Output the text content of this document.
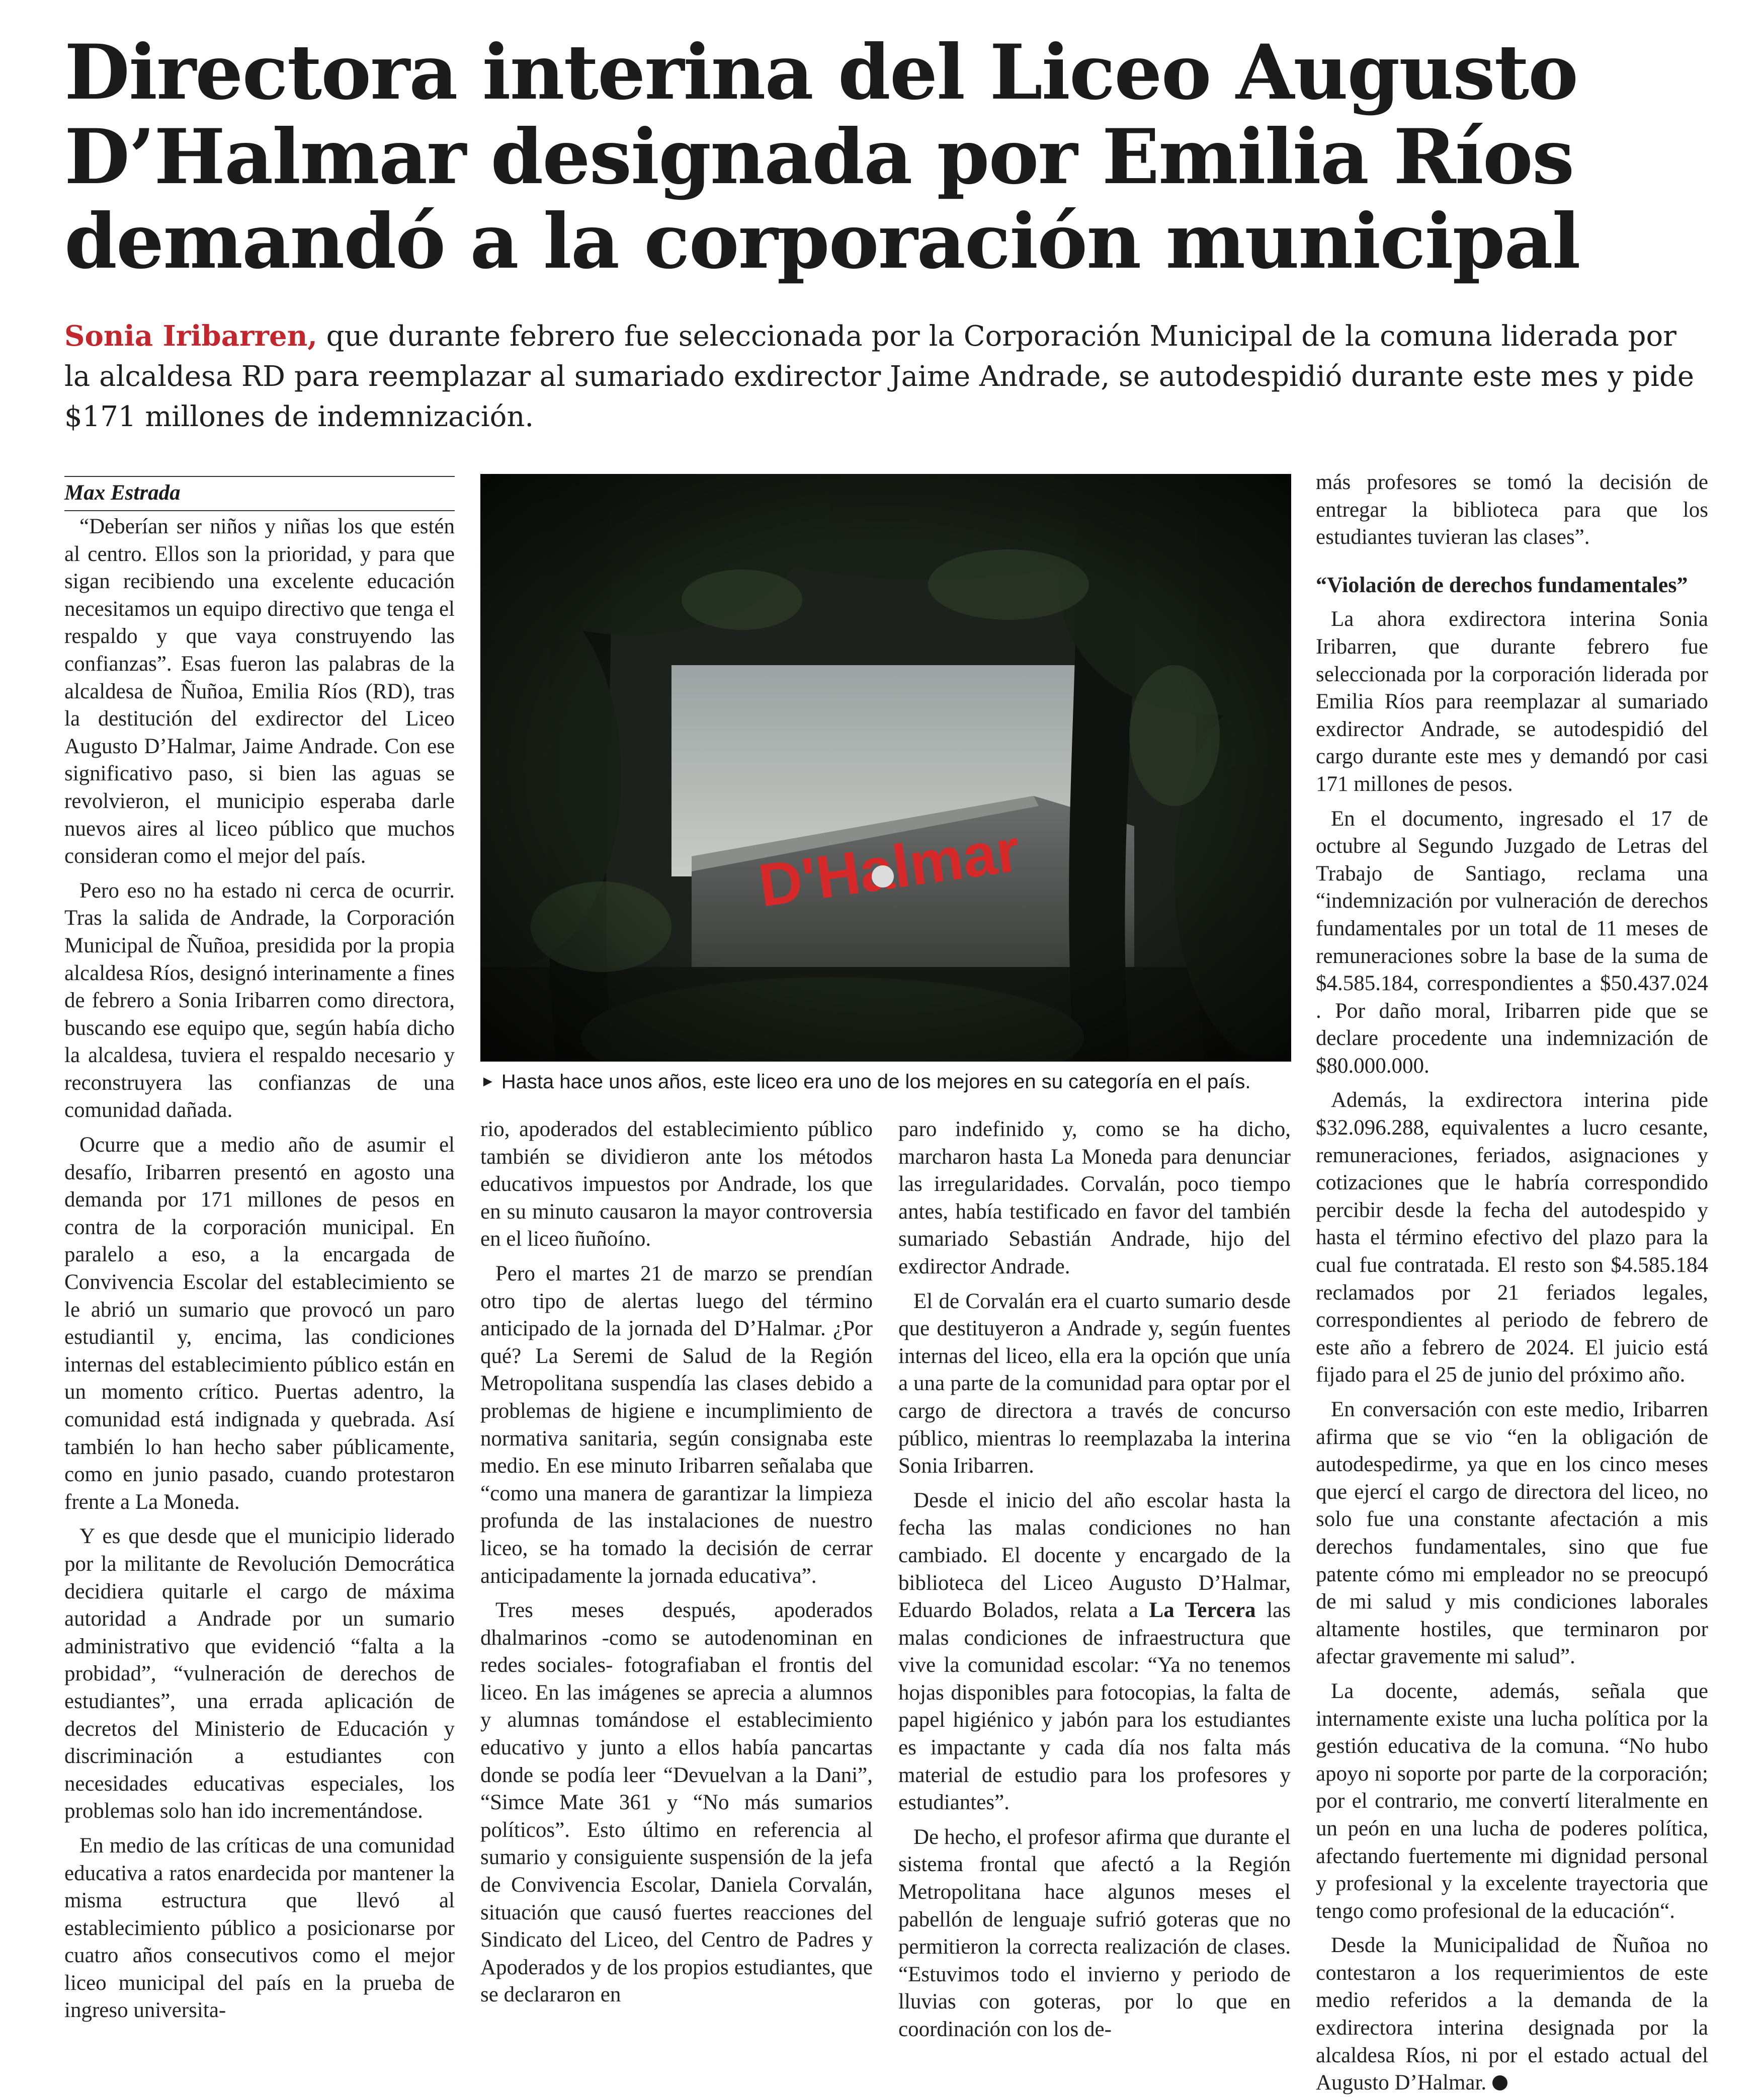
Directora interina del Liceo Augusto
D’Halmar designada por Emilia Ríos
demandó a la corporación municipal
Sonia Iribarren, que durante febrero fue seleccionada por la Corporación Municipal de la comuna liderada por la alcaldesa RD para reemplazar al sumariado exdirector Jaime Andrade, se autodespidió durante este mes y pide $171 millones de indemnización.
Max Estrada

“Deberían ser niños y niñas los que estén al centro. Ellos son la prioridad, y para que sigan recibiendo una excelente educación necesitamos un equipo directivo que tenga el respaldo y que vaya construyendo las confianzas”. Esas fueron las palabras de la alcaldesa de Ñuñoa, Emilia Ríos (RD), tras la destitución del exdirector del Liceo Augusto D’Halmar, Jaime Andrade. Con ese significativo paso, si bien las aguas se revolvieron, el municipio esperaba darle nuevos aires al liceo público que muchos consideran como el mejor del país.

Pero eso no ha estado ni cerca de ocurrir. Tras la salida de Andrade, la Corporación Municipal de Ñuñoa, presidida por la propia alcaldesa Ríos, designó interinamente a fines de febrero a Sonia Iribarren como directora, buscando ese equipo que, según había dicho la alcaldesa, tuviera el respaldo necesario y reconstruyera las confianzas de una comunidad dañada.

Ocurre que a medio año de asumir el desafío, Iribarren presentó en agosto una demanda por 171 millones de pesos en contra de la corporación municipal. En paralelo a eso, a la encargada de Convivencia Escolar del establecimiento se le abrió un sumario que provocó un paro estudiantil y, encima, las condiciones internas del establecimiento público están en un momento crítico. Puertas adentro, la comunidad está indignada y quebrada. Así también lo han hecho saber públicamente, como en junio pasado, cuando protestaron frente a La Moneda.

Y es que desde que el municipio liderado por la militante de Revolución Democrática decidiera quitarle el cargo de máxima autoridad a Andrade por un sumario administrativo que evidenció “falta a la probidad”, “vulneración de derechos de estudiantes”, una errada aplicación de decretos del Ministerio de Educación y discriminación a estudiantes con necesidades educativas especiales, los problemas solo han ido incrementándose.

En medio de las críticas de una comunidad educativa a ratos enardecida por mantener la misma estructura que llevó al establecimiento público a posicionarse por cuatro años consecutivos como el mejor liceo municipal del país en la prueba de ingreso universita-

► Hasta hace unos años, este liceo era uno de los mejores en su categoría en el país.

rio, apoderados del establecimiento público también se dividieron ante los métodos educativos impuestos por Andrade, los que en su minuto causaron la mayor controversia en el liceo ñuñoíno.

Pero el martes 21 de marzo se prendían otro tipo de alertas luego del término anticipado de la jornada del D’Halmar. ¿Por qué? La Seremi de Salud de la Región Metropolitana suspendía las clases debido a problemas de higiene e incumplimiento de normativa sanitaria, según consignaba este medio. En ese minuto Iribarren señalaba que “como una manera de garantizar la limpieza profunda de las instalaciones de nuestro liceo, se ha tomado la decisión de cerrar anticipadamente la jornada educativa”.

Tres meses después, apoderados dhalmarinos -como se autodenominan en redes sociales- fotografiaban el frontis del liceo. En las imágenes se aprecia a alumnos y alumnas tomándose el establecimiento educativo y junto a ellos había pancartas donde se podía leer “Devuelvan a la Dani”, “Simce Mate 361 y “No más sumarios políticos”. Esto último en referencia al sumario y consiguiente suspensión de la jefa de Convivencia Escolar, Daniela Corvalán, situación que causó fuertes reacciones del Sindicato del Liceo, del Centro de Padres y Apoderados y de los propios estudiantes, que se declararon en

paro indefinido y, como se ha dicho, marcharon hasta La Moneda para denunciar las irregularidades. Corvalán, poco tiempo antes, había testificado en favor del también sumariado Sebastián Andrade, hijo del exdirector Andrade.

El de Corvalán era el cuarto sumario desde que destituyeron a Andrade y, según fuentes internas del liceo, ella era la opción que unía a una parte de la comunidad para optar por el cargo de directora a través de concurso público, mientras lo reemplazaba la interina Sonia Iribarren.

Desde el inicio del año escolar hasta la fecha las malas condiciones no han cambiado. El docente y encargado de la biblioteca del Liceo Augusto D’Halmar, Eduardo Bolados, relata a La Tercera las malas condiciones de infraestructura que vive la comunidad escolar: “Ya no tenemos hojas disponibles para fotocopias, la falta de papel higiénico y jabón para los estudiantes es impactante y cada día nos falta más material de estudio para los profesores y estudiantes”.

De hecho, el profesor afirma que durante el sistema frontal que afectó a la Región Metropolitana hace algunos meses el pabellón de lenguaje sufrió goteras que no permitieron la correcta realización de clases. “Estuvimos todo el invierno y periodo de lluvias con goteras, por lo que en coordinación con los de-

más profesores se tomó la decisión de entregar la biblioteca para que los estudiantes tuvieran las clases”.

“Violación de derechos fundamentales”

La ahora exdirectora interina Sonia Iribarren, que durante febrero fue seleccionada por la corporación liderada por Emilia Ríos para reemplazar al sumariado exdirector Andrade, se autodespidió del cargo durante este mes y demandó por casi 171 millones de pesos.

En el documento, ingresado el 17 de octubre al Segundo Juzgado de Letras del Trabajo de Santiago, reclama una “indemnización por vulneración de derechos fundamentales por un total de 11 meses de remuneraciones sobre la base de la suma de $4.585.184, correspondientes a $50.437.024 . Por daño moral, Iribarren pide que se declare procedente una indemnización de $80.000.000.

Además, la exdirectora interina pide $32.096.288, equivalentes a lucro cesante, remuneraciones, feriados, asignaciones y cotizaciones que le habría correspondido percibir desde la fecha del autodespido y hasta el término efectivo del plazo para la cual fue contratada. El resto son $4.585.184 reclamados por 21 feriados legales, correspondientes al periodo de febrero de este año a febrero de 2024. El juicio está fijado para el 25 de junio del próximo año.

En conversación con este medio, Iribarren afirma que se vio “en la obligación de autodespedirme, ya que en los cinco meses que ejercí el cargo de directora del liceo, no solo fue una constante afectación a mis derechos fundamentales, sino que fue patente cómo mi empleador no se preocupó de mi salud y mis condiciones laborales altamente hostiles, que terminaron por afectar gravemente mi salud”.

La docente, además, señala que internamente existe una lucha política por la gestión educativa de la comuna. “No hubo apoyo ni soporte por parte de la corporación; por el contrario, me convertí literalmente en un peón en una lucha de poderes política, afectando fuertemente mi dignidad personal y profesional y la excelente trayectoria que tengo como profesional de la educación“.

Desde la Municipalidad de Ñuñoa no contestaron a los requerimientos de este medio referidos a la demanda de la exdirectora interina designada por la alcaldesa Ríos, ni por el estado actual del Augusto D’Halmar.
